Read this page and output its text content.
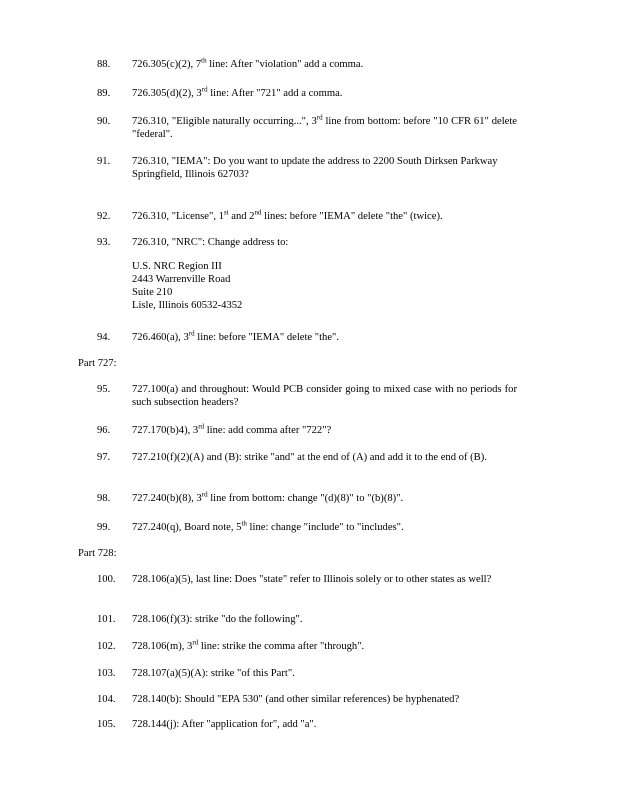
88.	726.305(c)(2), 7th line: After "violation" add a comma.
89.	726.305(d)(2), 3rd line: After "721" add a comma.
90.	726.310, "Eligible naturally occurring...", 3rd line from bottom: before "10 CFR 61" delete "federal".
91.	726.310, "IEMA": Do you want to update the address to 2200 South Dirksen Parkway
Springfield, Illinois 62703?
92.	726.310, "License", 1st and 2nd lines: before "IEMA" delete "the" (twice).
93.	726.310, "NRC": Change address to:
U.S. NRC Region III
2443 Warrenville Road
Suite 210
Lisle, Illinois 60532-4352
94.	726.460(a), 3rd line: before "IEMA" delete "the".
Part 727:
95.	727.100(a) and throughout: Would PCB consider going to mixed case with no periods for such subsection headers?
96.	727.170(b)4), 3rd line: add comma after "722"?
97.	727.210(f)(2)(A) and (B): strike "and" at the end of (A) and add it to the end of (B).
98.	727.240(b)(8), 3rd line from bottom: change "(d)(8)" to "(b)(8)".
99.	727.240(q), Board note, 5th line: change "include" to "includes".
Part 728:
100.	728.106(a)(5), last line: Does "state" refer to Illinois solely or to other states as well?
101.	728.106(f)(3): strike "do the following".
102.	728.106(m), 3rd line: strike the comma after "through".
103.	728.107(a)(5)(A): strike "of this Part".
104.	728.140(b): Should "EPA 530" (and other similar references) be hyphenated?
105.	728.144(j): After "application for", add "a".
